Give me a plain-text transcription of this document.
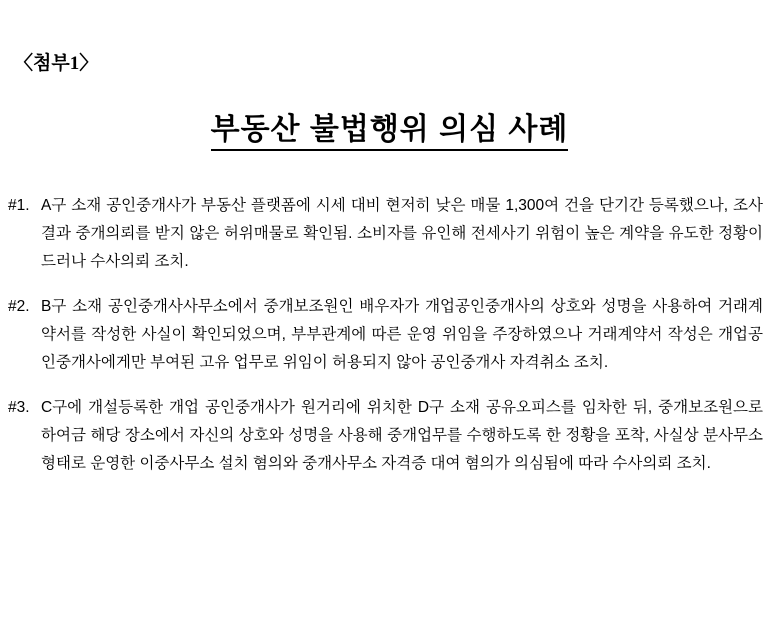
〈첨부1〉
부동산 불법행위 의심 사례
#1. A구 소재 공인중개사가 부동산 플랫폼에 시세 대비 현저히 낮은 매물 1,300여 건을 단기간 등록했으나, 조사 결과 중개의뢰를 받지 않은 허위매물로 확인됨. 소비자를 유인해 전세사기 위험이 높은 계약을 유도한 정황이 드러나 수사의뢰 조치.
#2. B구 소재 공인중개사사무소에서 중개보조원인 배우자가 개업공인중개사의 상호와 성명을 사용하여 거래계약서를 작성한 사실이 확인되었으며, 부부관계에 따른 운영 위임을 주장하였으나 거래계약서 작성은 개업공인중개사에게만 부여된 고유 업무로 위임이 허용되지 않아 공인중개사 자격취소 조치.
#3. C구에 개설등록한 개업 공인중개사가 원거리에 위치한 D구 소재 공유오피스를 임차한 뒤, 중개보조원으로 하여금 해당 장소에서 자신의 상호와 성명을 사용해 중개업무를 수행하도록 한 정황을 포착, 사실상 분사무소 형태로 운영한 이중사무소 설치 혐의와 중개사무소 자격증 대여 혐의가 의심됨에 따라 수사의뢰 조치.
